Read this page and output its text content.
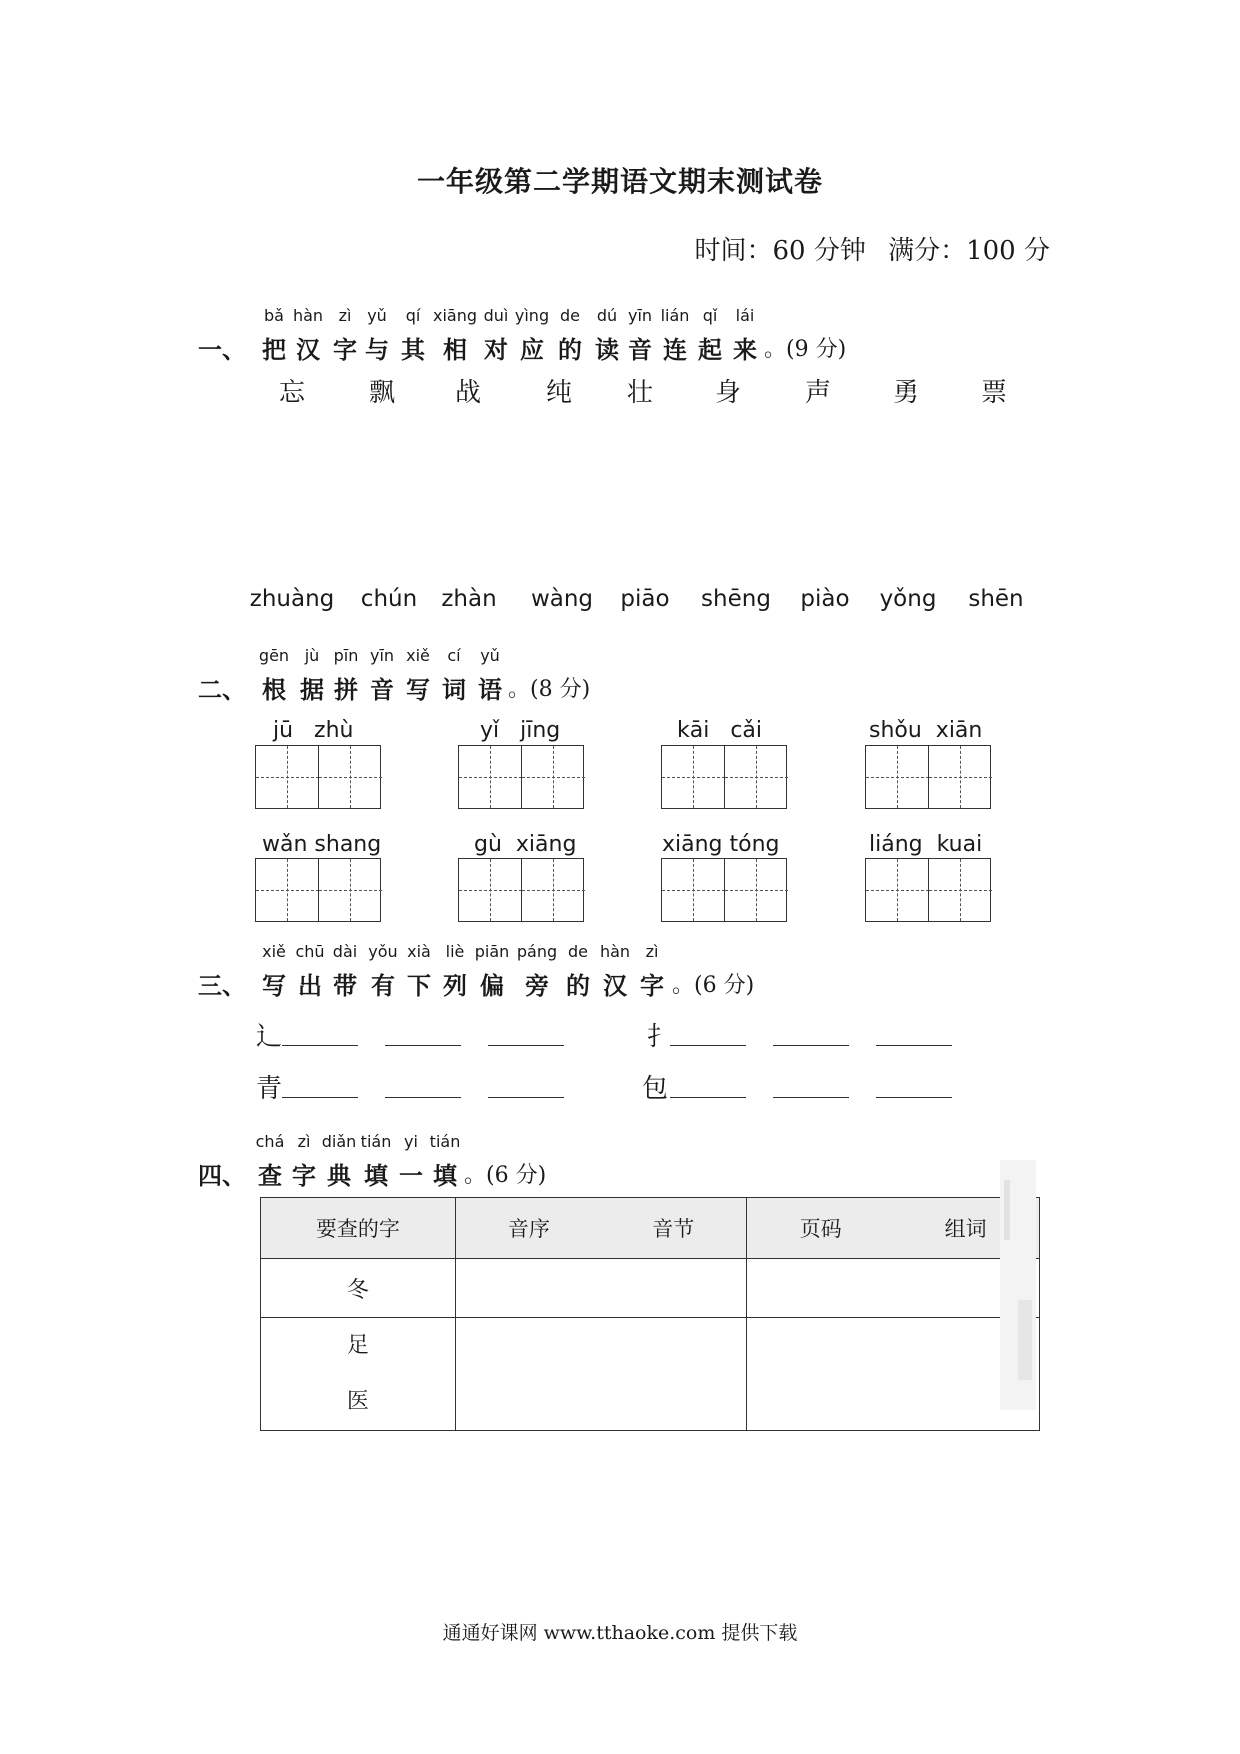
一年级第二学期语文期末测试卷
时间：60 分钟 满分：100 分
bǎ hàn zì yǔ qí xiāng duì yìng de dú yīn lián qǐ lái
一、 把 汉 字 与 其 相 对 应 的 读 音 连 起 来 。(9 分)
忘 飘 战 纯 壮 身 声 勇 票
zhuàng chún zhàn wàng piāo shēng piào yǒng shēn
gēn jù pīn yīn xiě cí yǔ
二、 根 据 拼 音 写 词 语 。(8 分)
jū   zhù	yǐ   jīng	kāi   cǎi	shǒu  xiān
wǎn shang	gù  xiāng	xiāng tóng	liáng  kuai
xiě chū dài yǒu xià liè piān páng de hàn zì
三、 写 出 带 有 下 列 偏 旁 的 汉 字 。(6 分)
辶	扌
青	包
chá zì diǎn tián yi tián
四、 查 字 典 填 一 填 。(6 分)
要查的字	音序 音节	页码 组词

冬		

足
医		

通通好课网 www.tthaoke.com 提供下载
